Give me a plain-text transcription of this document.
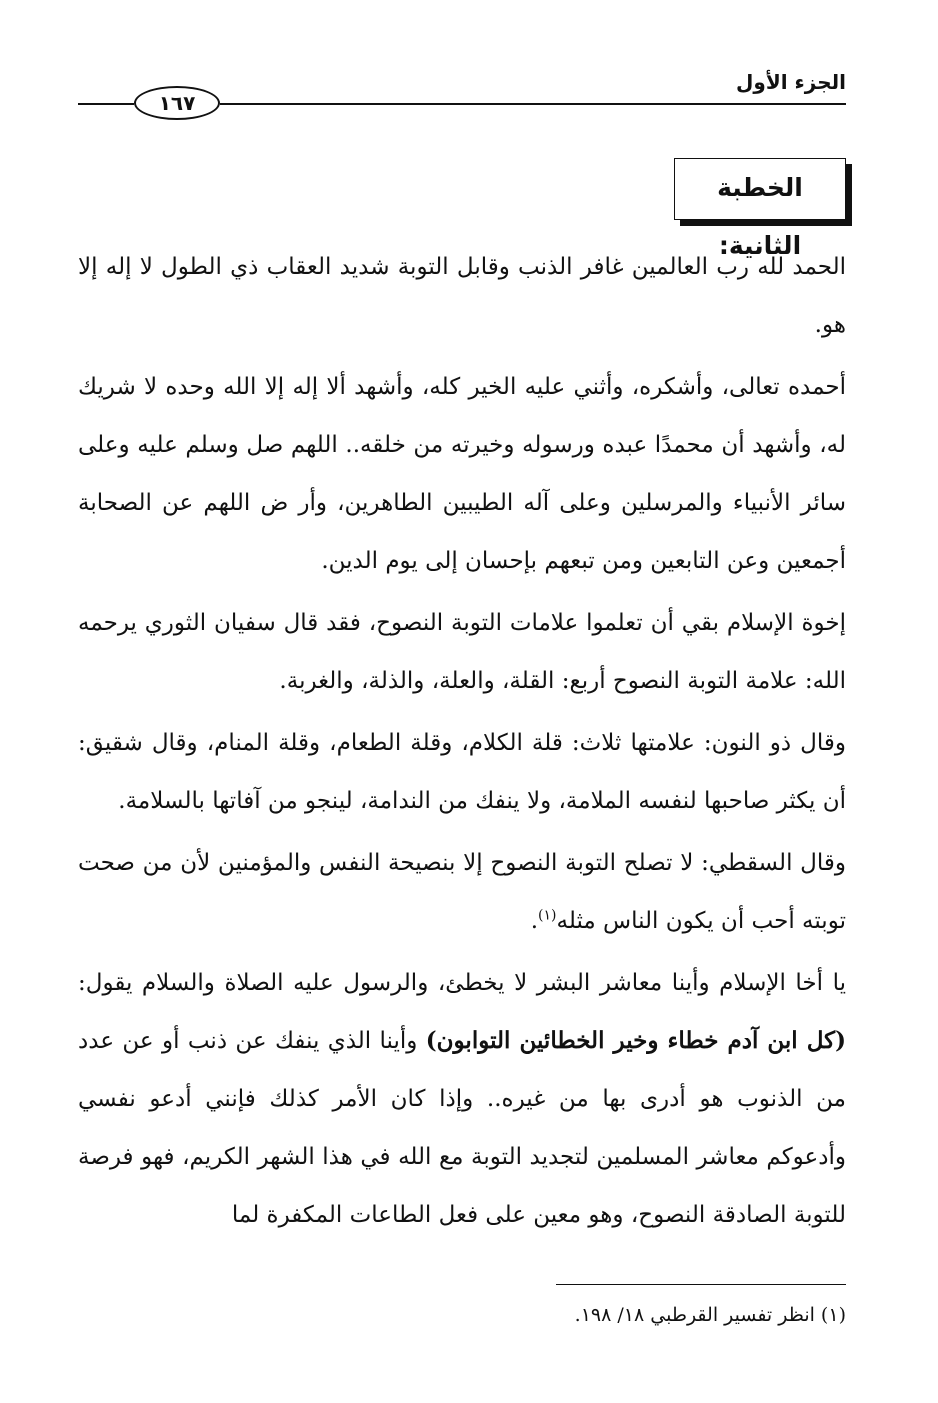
الجزء الأول
١٦٧
الخطبة الثانية:

الحمد لله رب العالمين غافر الذنب وقابل التوبة شديد العقاب ذي الطول لا إله إلا هو.

أحمده تعالى، وأشكره، وأثني عليه الخير كله، وأشهد ألا إله إلا الله وحده لا شريك له، وأشهد أن محمدًا عبده ورسوله وخيرته من خلقه.. اللهم صل وسلم عليه وعلى سائر الأنبياء والمرسلين وعلى آله الطيبين الطاهرين، وأر ض اللهم عن الصحابة أجمعين وعن التابعين ومن تبعهم بإحسان إلى يوم الدين.

إخوة الإسلام بقي أن تعلموا علامات التوبة النصوح، فقد قال سفيان الثوري يرحمه الله: علامة التوبة النصوح أربع: القلة، والعلة، والذلة، والغربة.

وقال ذو النون: علامتها ثلاث: قلة الكلام، وقلة الطعام، وقلة المنام، وقال شقيق: أن يكثر صاحبها لنفسه الملامة، ولا ينفك من الندامة، لينجو من آفاتها بالسلامة.

وقال السقطي: لا تصلح التوبة النصوح إلا بنصيحة النفس والمؤمنين لأن من صحت توبته أحب أن يكون الناس مثله$^{(١)}$.

يا أخا الإسلام وأينا معاشر البشر لا يخطئ، والرسول عليه الصلاة والسلام يقول: (كل ابن آدم خطاء وخير الخطائين التوابون) وأينا الذي ينفك عن ذنب أو عن عدد من الذنوب هو أدرى بها من غيره.. وإذا كان الأمر كذلك فإنني أدعو نفسي وأدعوكم معاشر المسلمين لتجديد التوبة مع الله في هذا الشهر الكريم، فهو فرصة للتوبة الصادقة النصوح، وهو معين على فعل الطاعات المكفرة لما

(١) انظر تفسير القرطبي ١٨/ ١٩٨.
